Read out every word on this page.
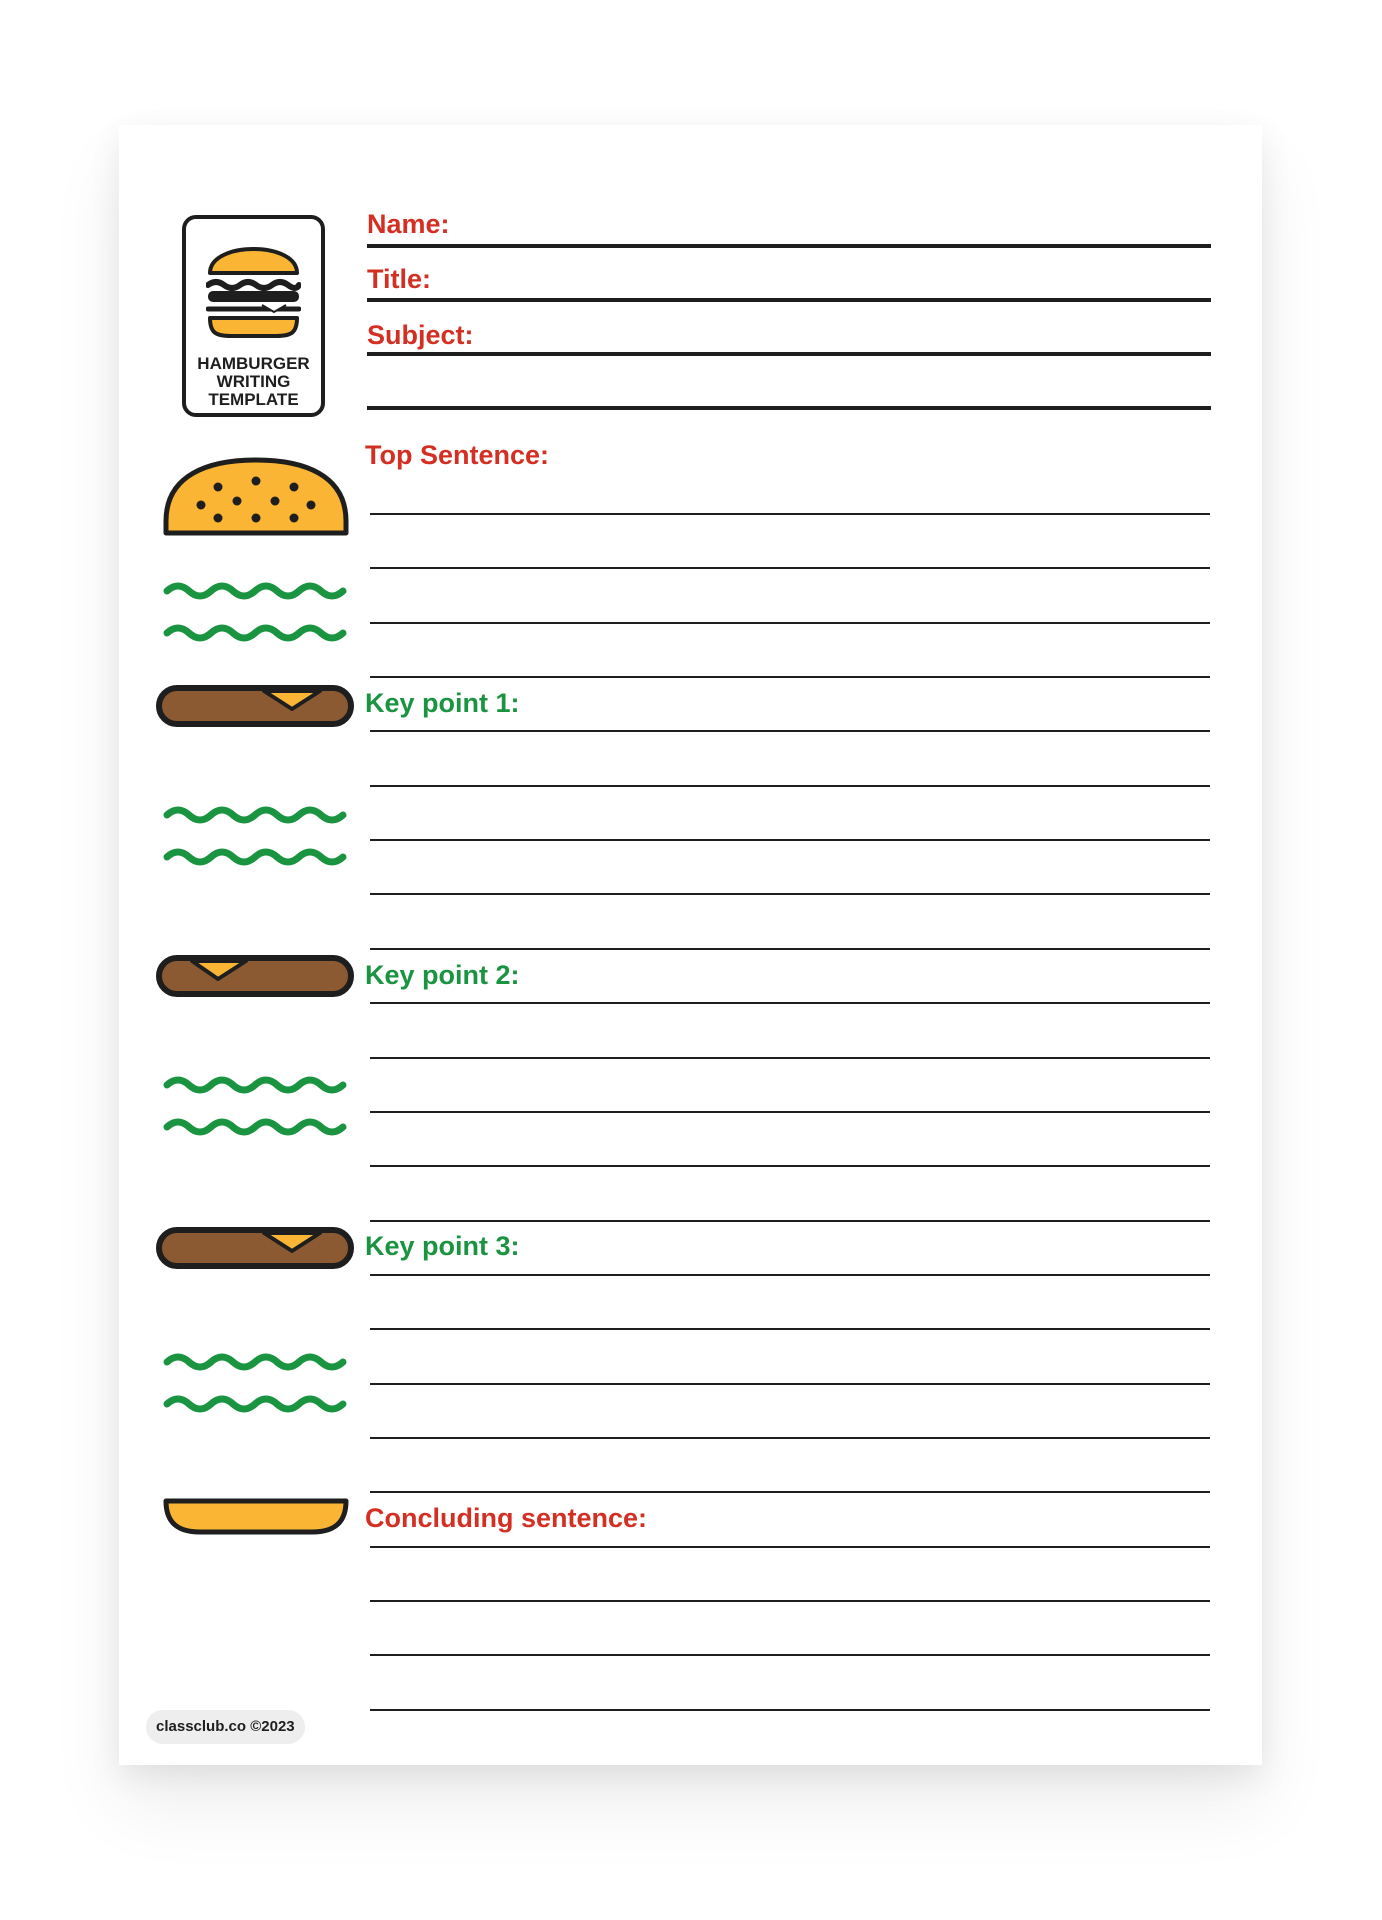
HAMBURGER
WRITING
TEMPLATE
Name:
Title:
Subject:
Top Sentence:
Key point 1:
Key point 2:
Key point 3:
Concluding sentence:
classclub.co ©2023
